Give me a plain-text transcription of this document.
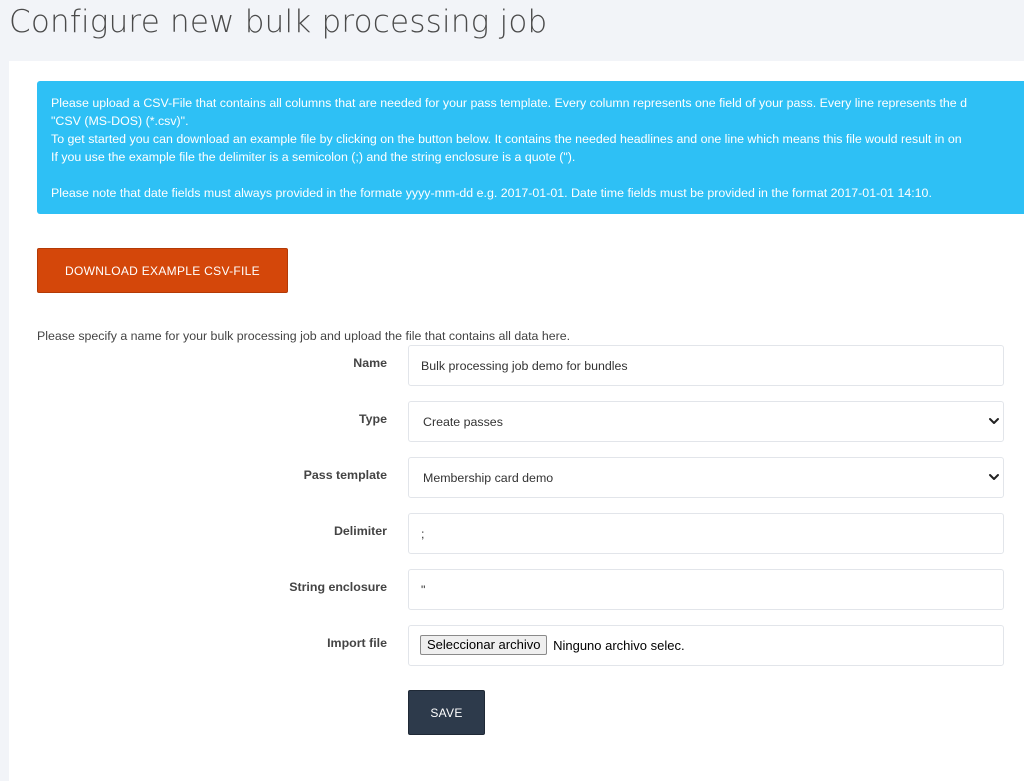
Configure new bulk processing job
Please upload a CSV-File that contains all columns that are needed for your pass template. Every column represents one field of your pass. Every line represents the d
"CSV (MS-DOS) (*.csv)".
To get started you can download an example file by clicking on the button below. It contains the needed headlines and one line which means this file would result in on
If you use the example file the delimiter is a semicolon (;) and the string enclosure is a quote (").
Please note that date fields must always provided in the formate yyyy-mm-dd e.g. 2017-01-01. Date time fields must be provided in the format 2017-01-01 14:10.
DOWNLOAD EXAMPLE CSV-FILE
Please specify a name for your bulk processing job and upload the file that contains all data here.
Name
Bulk processing job demo for bundles
Type
Create passes
Pass template
Membership card demo
Delimiter
;
String enclosure
"
Import file	Seleccionar archivo Ninguno archivo selec.
SAVE
